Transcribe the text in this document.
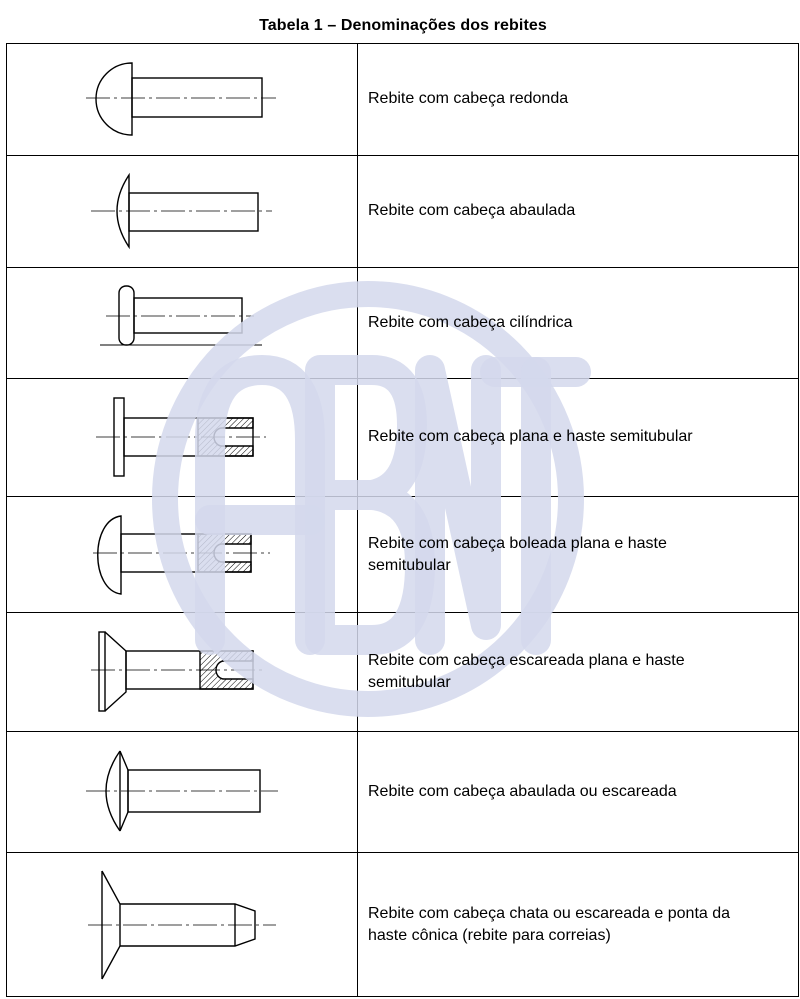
Tabela 1 – Denominações dos rebites
Rebite com cabeça redonda
Rebite com cabeça abaulada
Rebite com cabeça cilíndrica
Rebite com cabeça plana e haste semitubular
Rebite com cabeça boleada plana e haste semitubular
Rebite com cabeça escareada plana e haste semitubular
Rebite com cabeça abaulada ou escareada
Rebite com cabeça chata ou escareada e ponta da haste cônica (rebite para correias)
